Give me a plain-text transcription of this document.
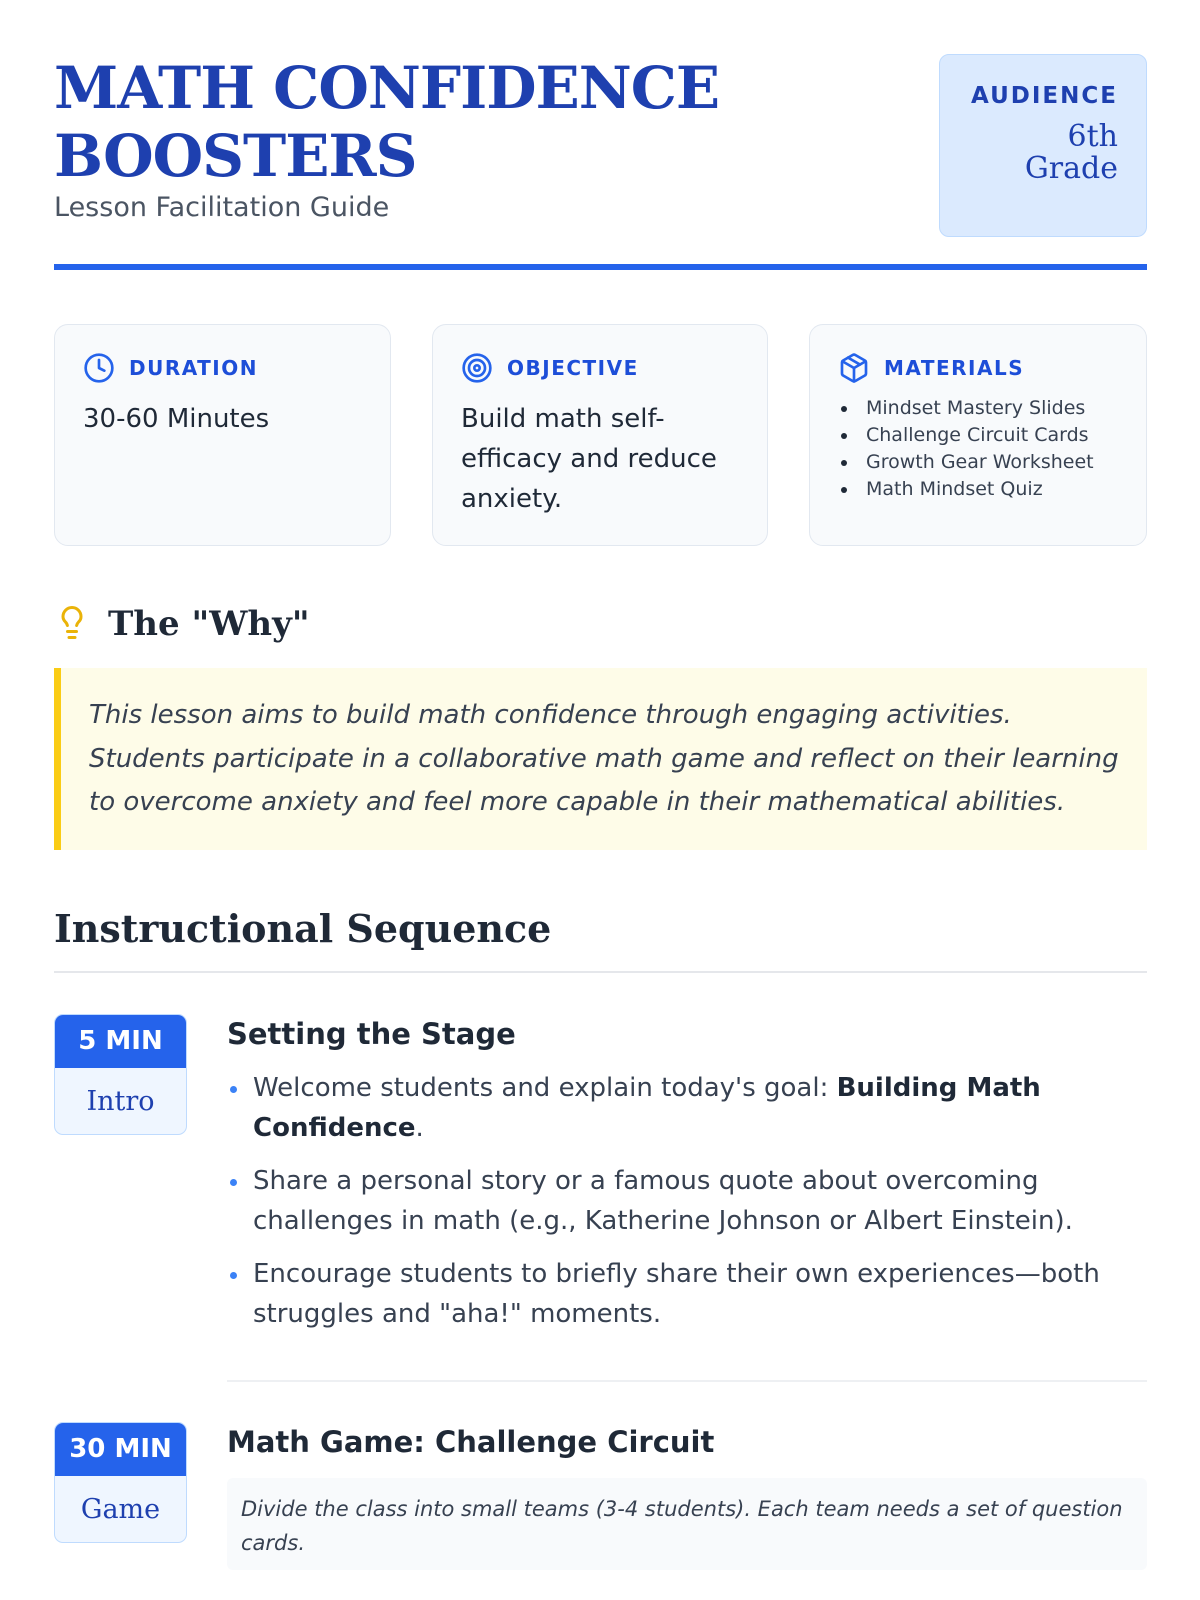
MATH CONFIDENCE
BOOSTERS
Lesson Facilitation Guide
AUDIENCE
6th
Grade
DURATION
30-60 Minutes
OBJECTIVE
Build math self-efficacy and reduce anxiety.
MATERIALS
Mindset Mastery Slides
Challenge Circuit Cards
Growth Gear Worksheet
Math Mindset Quiz
The "Why"

This lesson aims to build math confidence through engaging activities. Students participate in a collaborative math game and reflect on their learning to overcome anxiety and feel more capable in their mathematical abilities.

Instructional Sequence
5 MIN
Intro
Setting the Stage
Welcome students and explain today's goal: Building Math Confidence.
Share a personal story or a famous quote about overcoming challenges in math (e.g., Katherine Johnson or Albert Einstein).
Encourage students to briefly share their own experiences—both struggles and "aha!" moments.
30 MIN
Game
Math Game: Challenge Circuit

Divide the class into small teams (3-4 students). Each team needs a set of question cards.
